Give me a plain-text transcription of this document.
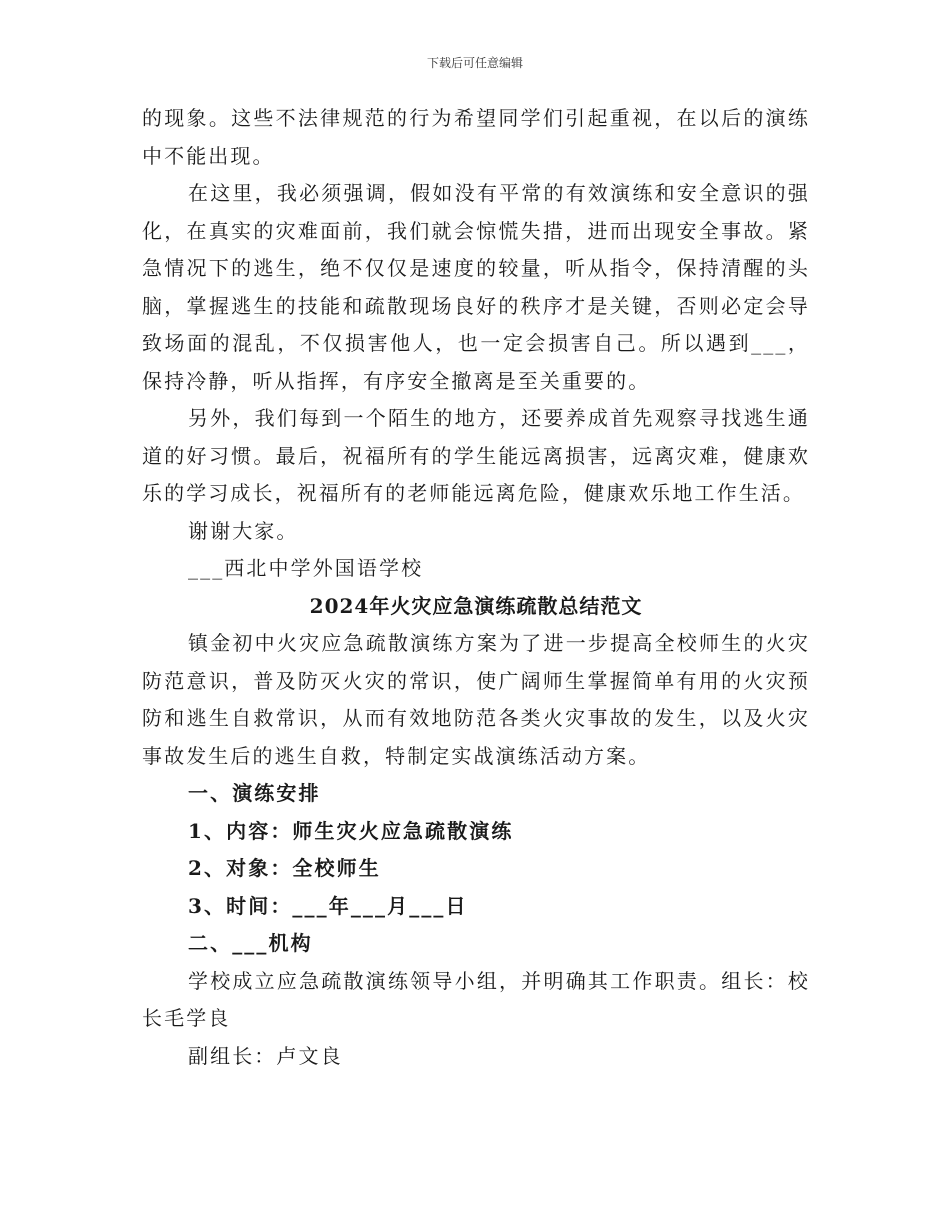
下载后可任意编辑

的现象。这些不法律规范的行为希望同学们引起重视，在以后的演练中不能出现。

在这里，我必须强调，假如没有平常的有效演练和安全意识的强化，在真实的灾难面前，我们就会惊慌失措，进而出现安全事故。紧急情况下的逃生，绝不仅仅是速度的较量，听从指令，保持清醒的头脑，掌握逃生的技能和疏散现场良好的秩序才是关键，否则必定会导致场面的混乱，不仅损害他人，也一定会损害自己。所以遇到___，保持冷静，听从指挥，有序安全撤离是至关重要的。

另外，我们每到一个陌生的地方，还要养成首先观察寻找逃生通道的好习惯。最后，祝福所有的学生能远离损害，远离灾难，健康欢乐的学习成长，祝福所有的老师能远离危险，健康欢乐地工作生活。

谢谢大家。

___西北中学外国语学校

2024年火灾应急演练疏散总结范文

镇金初中火灾应急疏散演练方案为了进一步提高全校师生的火灾防范意识，普及防灭火灾的常识，使广阔师生掌握简单有用的火灾预防和逃生自救常识，从而有效地防范各类火灾事故的发生，以及火灾事故发生后的逃生自救，特制定实战演练活动方案。

一、演练安排

1、内容：师生灾火应急疏散演练

2、对象：全校师生

3、时间：___年___月___日

二、___机构

学校成立应急疏散演练领导小组，并明确其工作职责。组长：校长毛学良

副组长：卢文良
